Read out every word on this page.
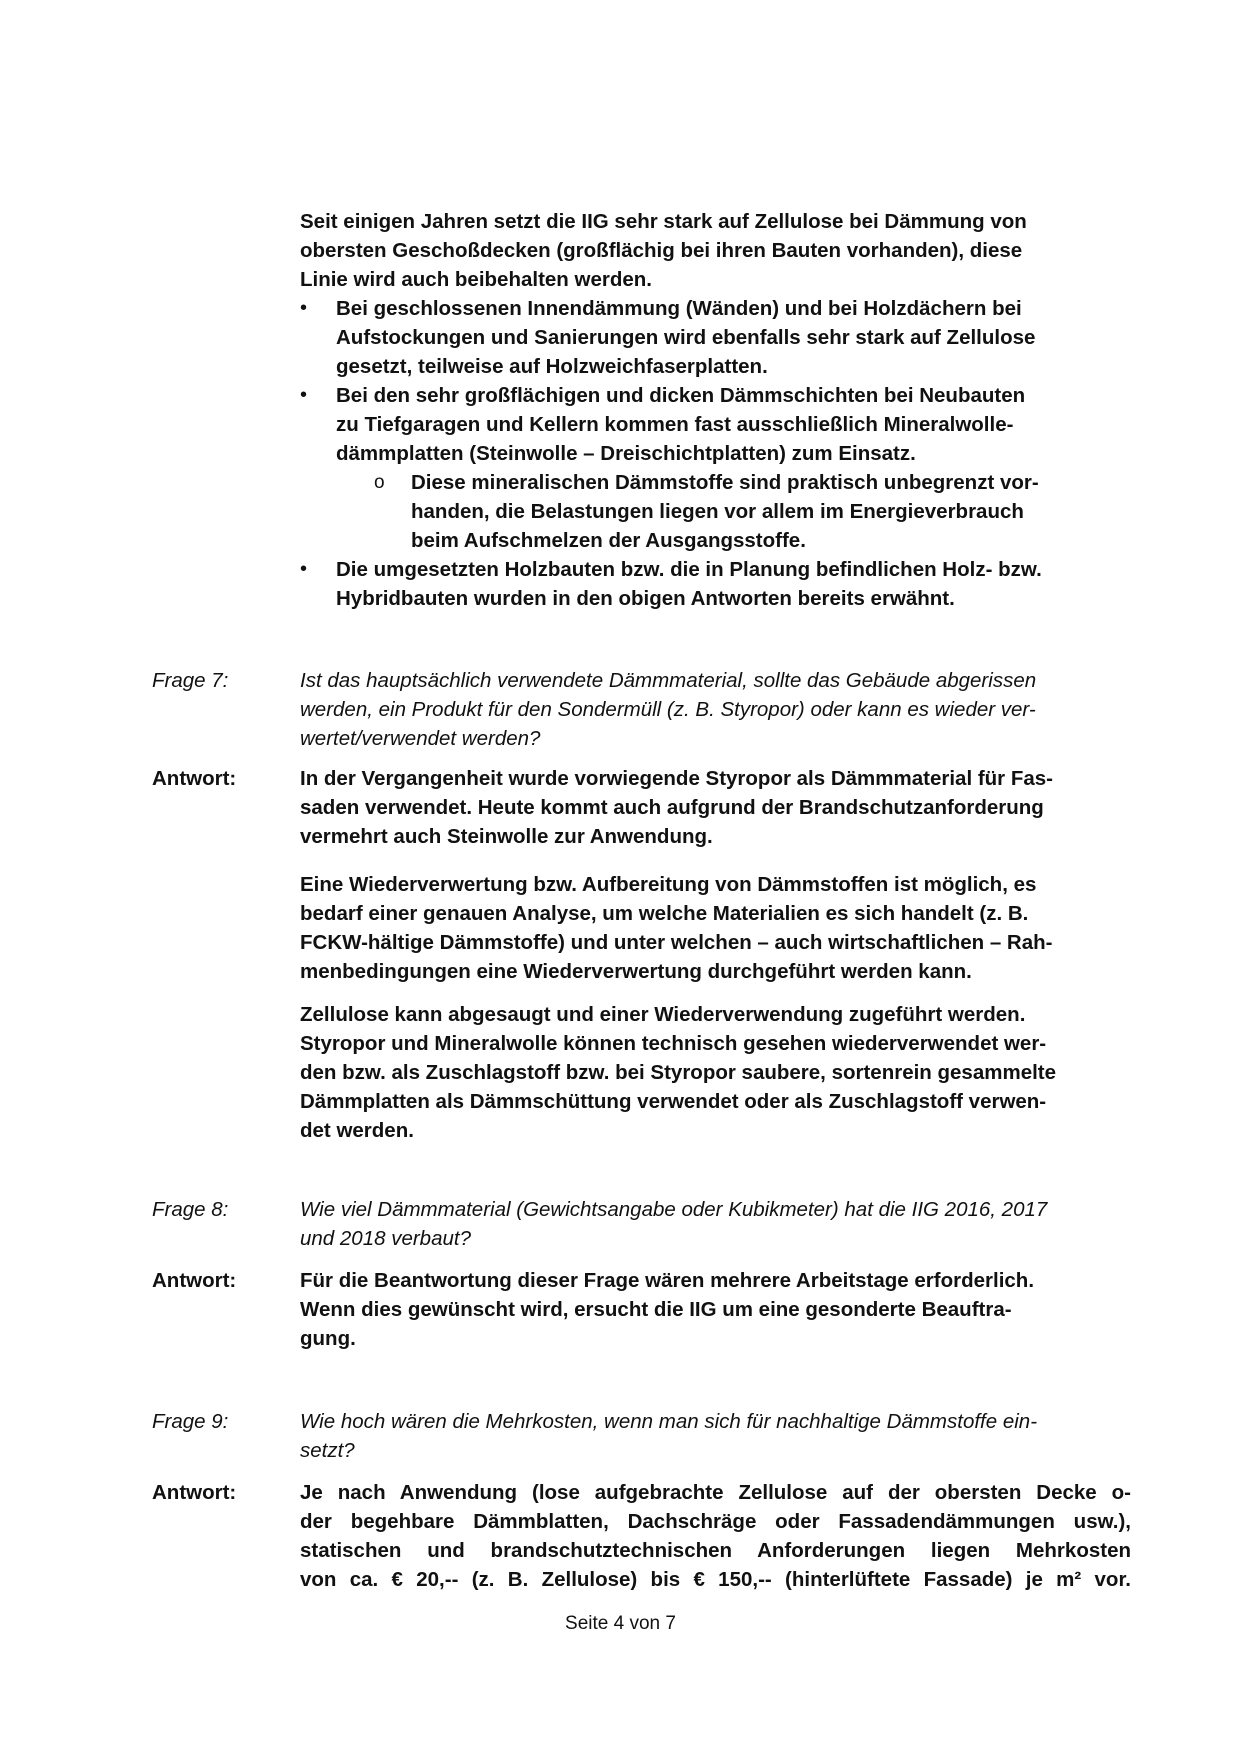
Seit einigen Jahren setzt die IIG sehr stark auf Zellulose bei Dämmung von
obersten Geschoßdecken (großflächig bei ihren Bauten vorhanden), diese
Linie wird auch beibehalten werden.
• Bei geschlossenen Innendämmung (Wänden) und bei Holzdächern bei
Aufstockungen und Sanierungen wird ebenfalls sehr stark auf Zellulose
gesetzt, teilweise auf Holzweichfaserplatten.
• Bei den sehr großflächigen und dicken Dämmschichten bei Neubauten
zu Tiefgaragen und Kellern kommen fast ausschließlich Mineralwolle-
dämmplatten (Steinwolle – Dreischichtplatten) zum Einsatz.
o Diese mineralischen Dämmstoffe sind praktisch unbegrenzt vor-
handen, die Belastungen liegen vor allem im Energieverbrauch
beim Aufschmelzen der Ausgangsstoffe.
• Die umgesetzten Holzbauten bzw. die in Planung befindlichen Holz- bzw.
Hybridbauten wurden in den obigen Antworten bereits erwähnt.
Frage 7:	Ist das hauptsächlich verwendete Dämmmaterial, sollte das Gebäude abgerissen
werden, ein Produkt für den Sondermüll (z. B. Styropor) oder kann es wieder ver-
wertet/verwendet werden?
Antwort:	In der Vergangenheit wurde vorwiegende Styropor als Dämmmaterial für Fas-
saden verwendet. Heute kommt auch aufgrund der Brandschutzanforderung
vermehrt auch Steinwolle zur Anwendung.
Eine Wiederverwertung bzw. Aufbereitung von Dämmstoffen ist möglich, es
bedarf einer genauen Analyse, um welche Materialien es sich handelt (z. B.
FCKW-hältige Dämmstoffe) und unter welchen – auch wirtschaftlichen – Rah-
menbedingungen eine Wiederverwertung durchgeführt werden kann.
Zellulose kann abgesaugt und einer Wiederverwendung zugeführt werden.
Styropor und Mineralwolle können technisch gesehen wiederverwendet wer-
den bzw. als Zuschlagstoff bzw. bei Styropor saubere, sortenrein gesammelte
Dämmplatten als Dämmschüttung verwendet oder als Zuschlagstoff verwen-
det werden.
Frage 8:	Wie viel Dämmmaterial (Gewichtsangabe oder Kubikmeter) hat die IIG 2016, 2017
und 2018 verbaut?
Antwort:	Für die Beantwortung dieser Frage wären mehrere Arbeitstage erforderlich.
Wenn dies gewünscht wird, ersucht die IIG um eine gesonderte Beauftra-
gung.
Frage 9:	Wie hoch wären die Mehrkosten, wenn man sich für nachhaltige Dämmstoffe ein-
setzt?
Antwort:	Je nach Anwendung (lose aufgebrachte Zellulose auf der obersten Decke o-
der begehbare Dämmblatten, Dachschräge oder Fassadendämmungen usw.),
statischen und brandschutztechnischen Anforderungen liegen Mehrkosten
von ca. € 20,-- (z. B. Zellulose) bis € 150,-- (hinterlüftete Fassade) je m² vor.
Seite 4 von 7
